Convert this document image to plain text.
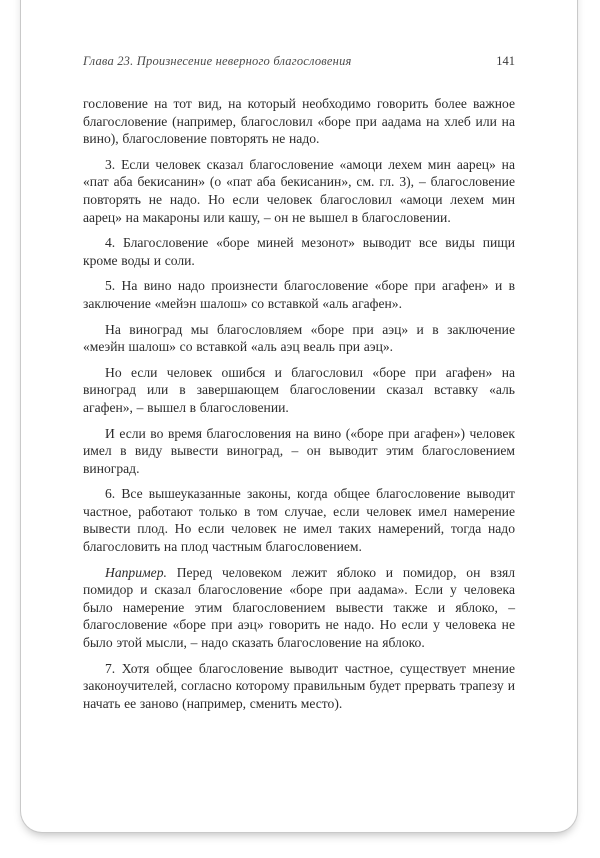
Глава 23. Произнесение неверного благословения	141

гословение на тот вид, на который необходимо говорить более важное благословение (например, благословил «боре при аадама на хлеб или на вино), благословение повторять не надо.

3. Если человек сказал благословение «амоци лехем мин аарец» на «пат аба бекисанин» (о «пат аба бекисанин», см. гл. 3), – благословение повторять не надо. Но если человек благословил «амоци лехем мин аарец» на макароны или кашу, – он не вышел в благословении.

4. Благословение «боре миней мезонот» выводит все виды пищи кроме воды и соли.

5. На вино надо произнести благословение «боре при агафен» и в заключение «мейэн шалош» со вставкой «аль агафен».

На виноград мы благословляем «боре при аэц» и в заключение «меэйн шалош» со вставкой «аль аэц веаль при аэц».

Но если человек ошибся и благословил «боре при агафен» на виноград или в завершающем благословении сказал вставку «аль агафен», – вышел в благословении.

И если во время благословения на вино («боре при агафен») человек имел в виду вывести виноград, – он выводит этим благословением виноград.

6. Все вышеуказанные законы, когда общее благословение выводит частное, работают только в том случае, если человек имел намерение вывести плод. Но если человек не имел таких намерений, тогда надо благословить на плод частным благословением.

Например. Перед человеком лежит яблоко и помидор, он взял помидор и сказал благословение «боре при аадама». Если у человека было намерение этим благословением вывести также и яблоко, – благословение «боре при аэц» говорить не надо. Но если у человека не было этой мысли, – надо сказать благословение на яблоко.

7. Хотя общее благословение выводит частное, существует мнение законоучителей, согласно которому правильным будет прервать трапезу и начать ее заново (например, сменить место).
